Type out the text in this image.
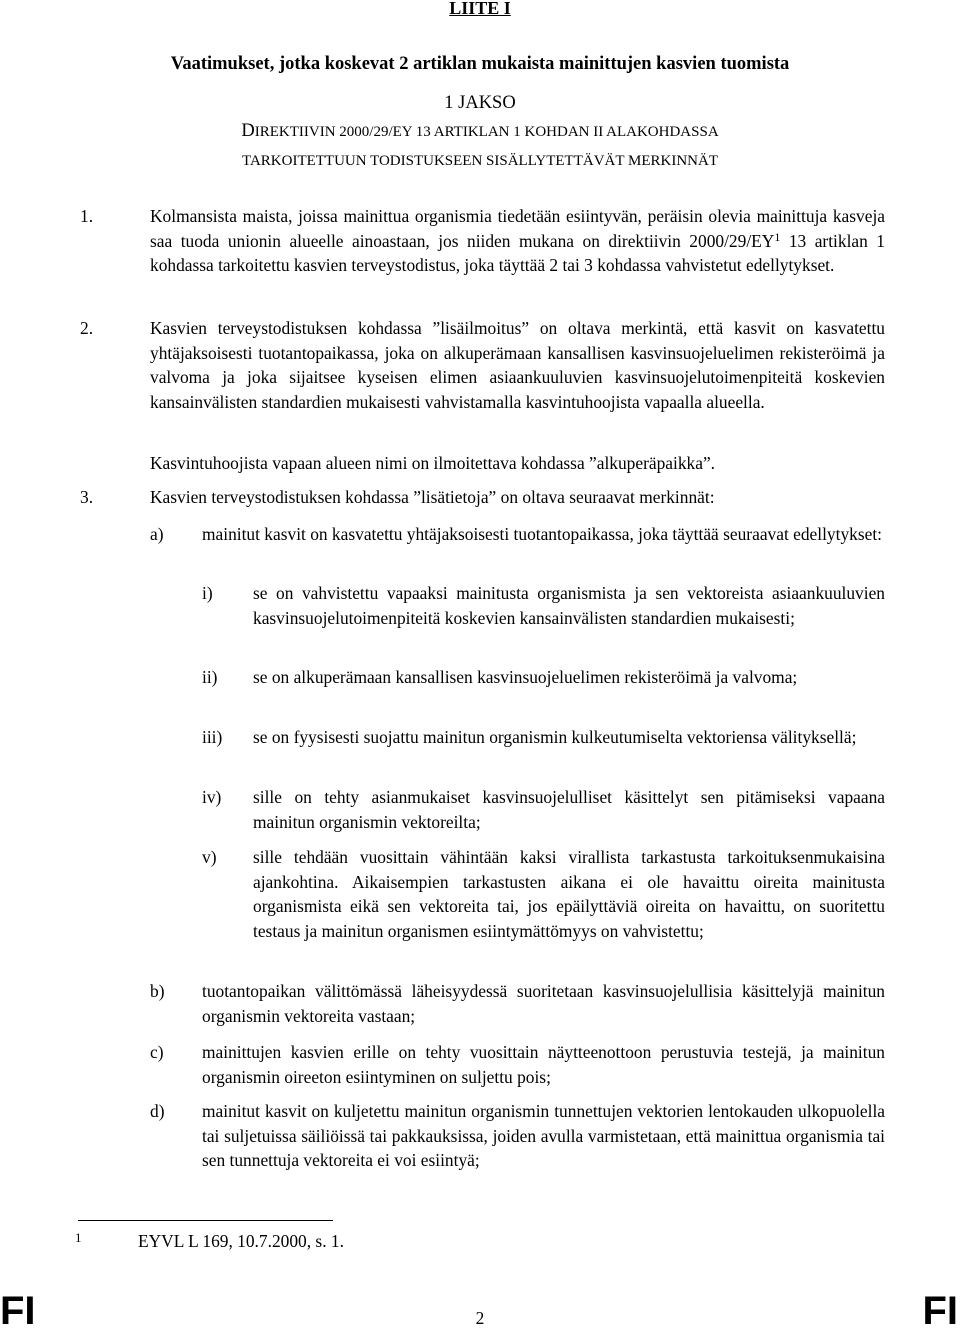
LIITE I
Vaatimukset, jotka koskevat 2 artiklan mukaista mainittujen kasvien tuomista
1 JAKSO
DIREKTIIVIN 2000/29/EY 13 ARTIKLAN 1 KOHDAN II ALAKOHDASSA
TARKOITETTUUN TODISTUKSEEN SISÄLLYTETTÄVÄT MERKINNÄT
1.	Kolmansista maista, joissa mainittua organismia tiedetään esiintyvän, peräisin olevia mainittuja kasveja saa tuoda unionin alueelle ainoastaan, jos niiden mukana on direktiivin $2000/29/EY^1$ 13 artiklan 1 kohdassa tarkoitettu kasvien terveystodistus, joka täyttää 2 tai 3 kohdassa vahvistetut edellytykset.
2.	Kasvien terveystodistuksen kohdassa ”lisäilmoitus” on oltava merkintä, että kasvit on kasvatettu yhtäjaksoisesti tuotantopaikassa, joka on alkuperämaan kansallisen kasvinsuojeluelimen rekisteröimä ja valvoma ja joka sijaitsee kyseisen elimen asiaankuuluvien kasvinsuojelutoimenpiteitä koskevien kansainvälisten standardien mukaisesti vahvistamalla kasvintuhoojista vapaalla alueella.
Kasvintuhoojista vapaan alueen nimi on ilmoitettava kohdassa ”alkuperäpaikka”.
3.	Kasvien terveystodistuksen kohdassa ”lisätietoja” on oltava seuraavat merkinnät:
a)	mainitut kasvit on kasvatettu yhtäjaksoisesti tuotantopaikassa, joka täyttää seuraavat edellytykset:
i)	se on vahvistettu vapaaksi mainitusta organismista ja sen vektoreista asiaankuuluvien kasvinsuojelutoimenpiteitä koskevien kansainvälisten standardien mukaisesti;
ii)	se on alkuperämaan kansallisen kasvinsuojeluelimen rekisteröimä ja valvoma;
iii)	se on fyysisesti suojattu mainitun organismin kulkeutumiselta vektoriensa välityksellä;
iv)	sille on tehty asianmukaiset kasvinsuojelulliset käsittelyt sen pitämiseksi vapaana mainitun organismin vektoreilta;
v)	sille tehdään vuosittain vähintään kaksi virallista tarkastusta tarkoituksenmukaisina ajankohtina. Aikaisempien tarkastusten aikana ei ole havaittu oireita mainitusta organismista eikä sen vektoreita tai, jos epäilyttäviä oireita on havaittu, on suoritettu testaus ja mainitun organismen esiintymättömyys on vahvistettu;
b)	tuotantopaikan välittömässä läheisyydessä suoritetaan kasvinsuojelullisia käsittelyjä mainitun organismin vektoreita vastaan;
c)	mainittujen kasvien erille on tehty vuosittain näytteenottoon perustuvia testejä, ja mainitun organismin oireeton esiintyminen on suljettu pois;
d)	mainitut kasvit on kuljetettu mainitun organismin tunnettujen vektorien lentokauden ulkopuolella tai suljetuissa säiliöissä tai pakkauksissa, joiden avulla varmistetaan, että mainittua organismia tai sen tunnettuja vektoreita ei voi esiintyä;
1	EYVL L 169, 10.7.2000, s. 1.
FI	2	FI
